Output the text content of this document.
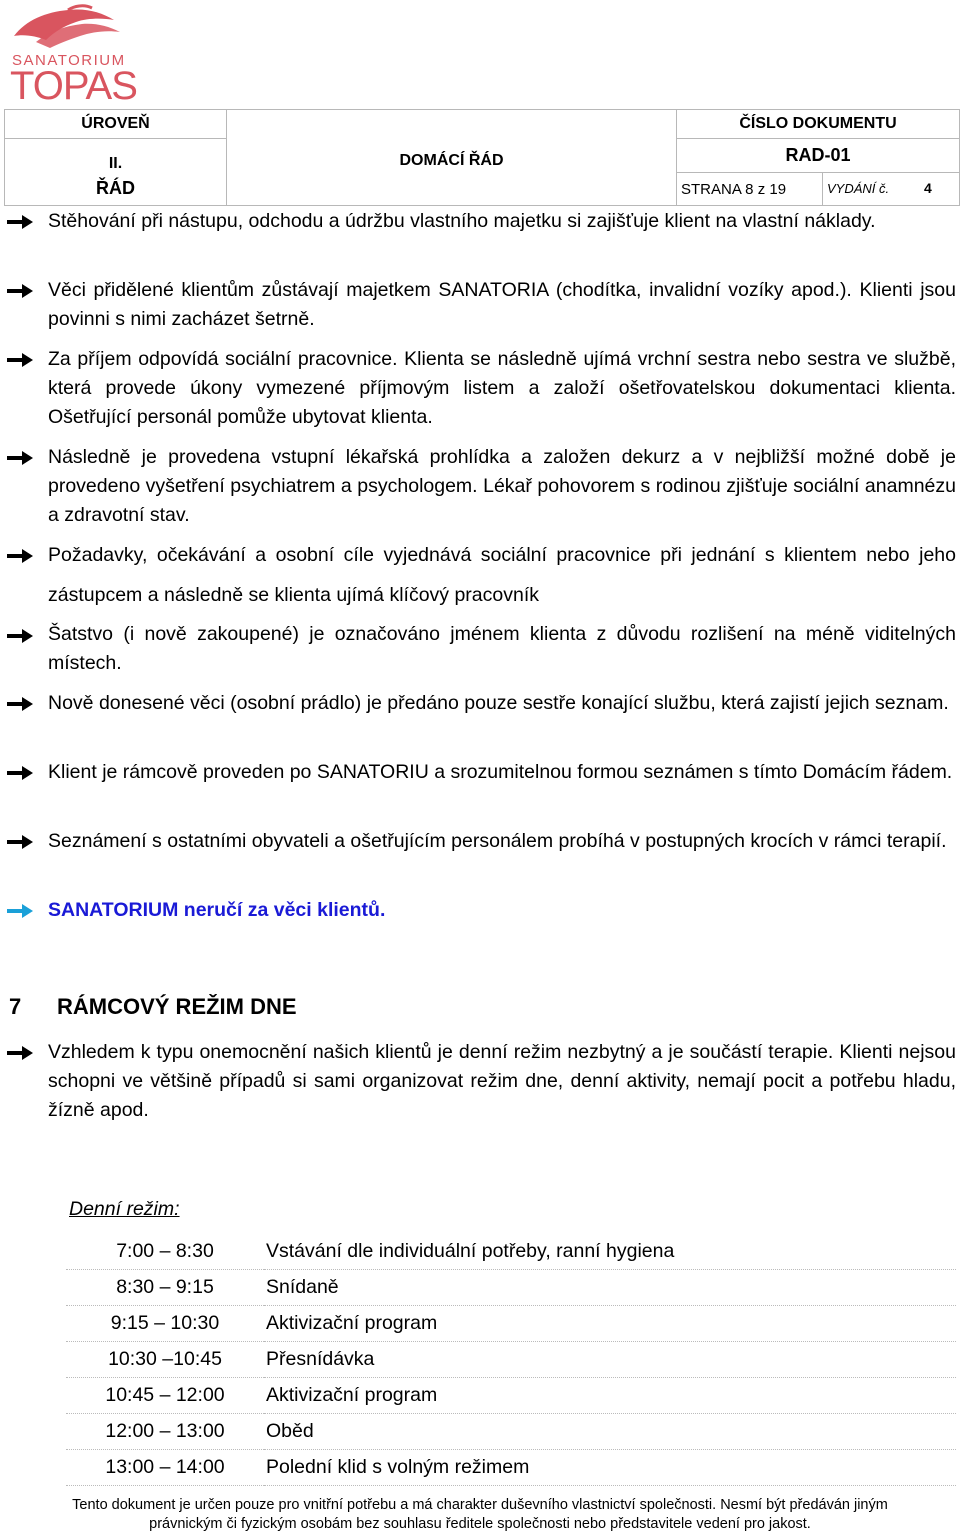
SANATORIUM
TOPAS
ÚROVEŇ	DOMÁCÍ ŘÁD	ČÍSLO DOKUMENTU	
II.		RAD-01	
ŘÁD		STRANA 8 z 19	VYDÁNÍ č. 4
Stěhování při nástupu, odchodu a údržbu vlastního majetku si zajišťuje klient na vlastní náklady.
Věci přidělené klientům zůstávají majetkem SANATORIA (chodítka, invalidní vozíky apod.). Klienti jsou povinni s nimi zacházet šetrně.
Za příjem odpovídá sociální pracovnice. Klienta se následně ujímá vrchní sestra nebo sestra ve službě, která provede úkony vymezené příjmovým listem a založí ošetřovatelskou dokumentaci klienta. Ošetřující personál pomůže ubytovat klienta.
Následně je provedena vstupní lékařská prohlídka a založen dekurz a v nejbližší možné době je provedeno vyšetření psychiatrem a psychologem. Lékař pohovorem s rodinou zjišťuje sociální anamnézu a zdravotní stav.
Požadavky, očekávání a osobní cíle vyjednává sociální pracovnice při jednání s klientem nebo jeho zástupcem a následně se klienta ujímá klíčový pracovník
Šatstvo (i nově zakoupené) je označováno jménem klienta z důvodu rozlišení na méně viditelných místech.
Nově donesené věci (osobní prádlo) je předáno pouze sestře konající službu, která zajistí jejich seznam.
Klient je rámcově proveden po SANATORIU a srozumitelnou formou seznámen s tímto Domácím řádem.
Seznámení s ostatními obyvateli a ošetřujícím personálem probíhá v postupných krocích v rámci terapií.
SANATORIUM neručí za věci klientů.
7 RÁMCOVÝ REŽIM DNE
Vzhledem k typu onemocnění našich klientů je denní režim nezbytný a je součástí terapie. Klienti nejsou schopni ve většině případů si sami organizovat režim dne, denní aktivity, nemají pocit a potřebu hladu, žízně apod.
Denní režim:
7:00 – 8:30	Vstávání dle individuální potřeby, ranní hygiena
8:30 – 9:15	Snídaně
9:15 – 10:30	Aktivizační program
10:30 –10:45	Přesnídávka
10:45 – 12:00	Aktivizační program
12:00 – 13:00	Oběd
13:00 – 14:00	Polední klid s volným režimem
Tento dokument je určen pouze pro vnitřní potřebu a má charakter duševního vlastnictví společnosti. Nesmí být předáván jiným
právnickým či fyzickým osobám bez souhlasu ředitele společnosti nebo představitele vedení pro jakost.
